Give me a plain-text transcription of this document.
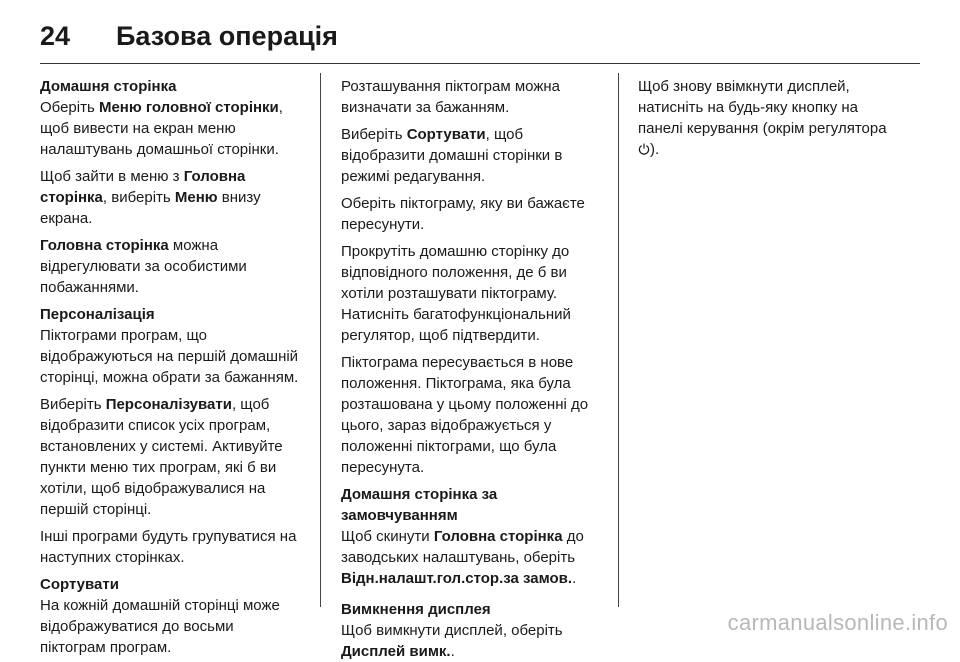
24	Базова операція
Домашня сторінка

Оберіть Меню головної сторінки, щоб вивести на екран меню налаштувань домашньої сторінки.

Щоб зайти в меню з Головна сторінка, виберіть Меню внизу екрана.

Головна сторінка можна відрегулювати за особистими побажаннями.

Персоналізація

Піктограми програм, що відображуються на першій домашній сторінці, можна обрати за бажанням.

Виберіть Персоналізувати, щоб відобразити список усіх програм, встановлених у системі. Активуйте пункти меню тих програм, які б ви хотіли, щоб відображувалися на першій сторінці.

Інші програми будуть групуватися на наступних сторінках.

Сортувати

На кожній домашній сторінці може відображуватися до восьми піктограм програм.

Розташування піктограм можна визначати за бажанням.

Виберіть Сортувати, щоб відобразити домашні сторінки в режимі редагування.

Оберіть піктограму, яку ви бажаєте пересунути.

Прокрутіть домашню сторінку до відповідного положення, де б ви хотіли розташувати піктограму. Натисніть багатофункціональний регулятор, щоб підтвердити.

Піктограма пересувається в нове положення. Піктограма, яка була розташована у цьому положенні до цього, зараз відображується у положенні піктограми, що була пересунута.

Домашня сторінка за замовчуванням

Щоб скинути Головна сторінка до заводських налаштувань, оберіть Відн.налашт.гол.стор.за замов..

Вимкнення дисплея

Щоб вимкнути дисплей, оберіть Дисплей вимк..

Щоб знову ввімкнути дисплей, натисніть на будь-яку кнопку на панелі керування (окрім регулятора ).

carmanualsonline.info
